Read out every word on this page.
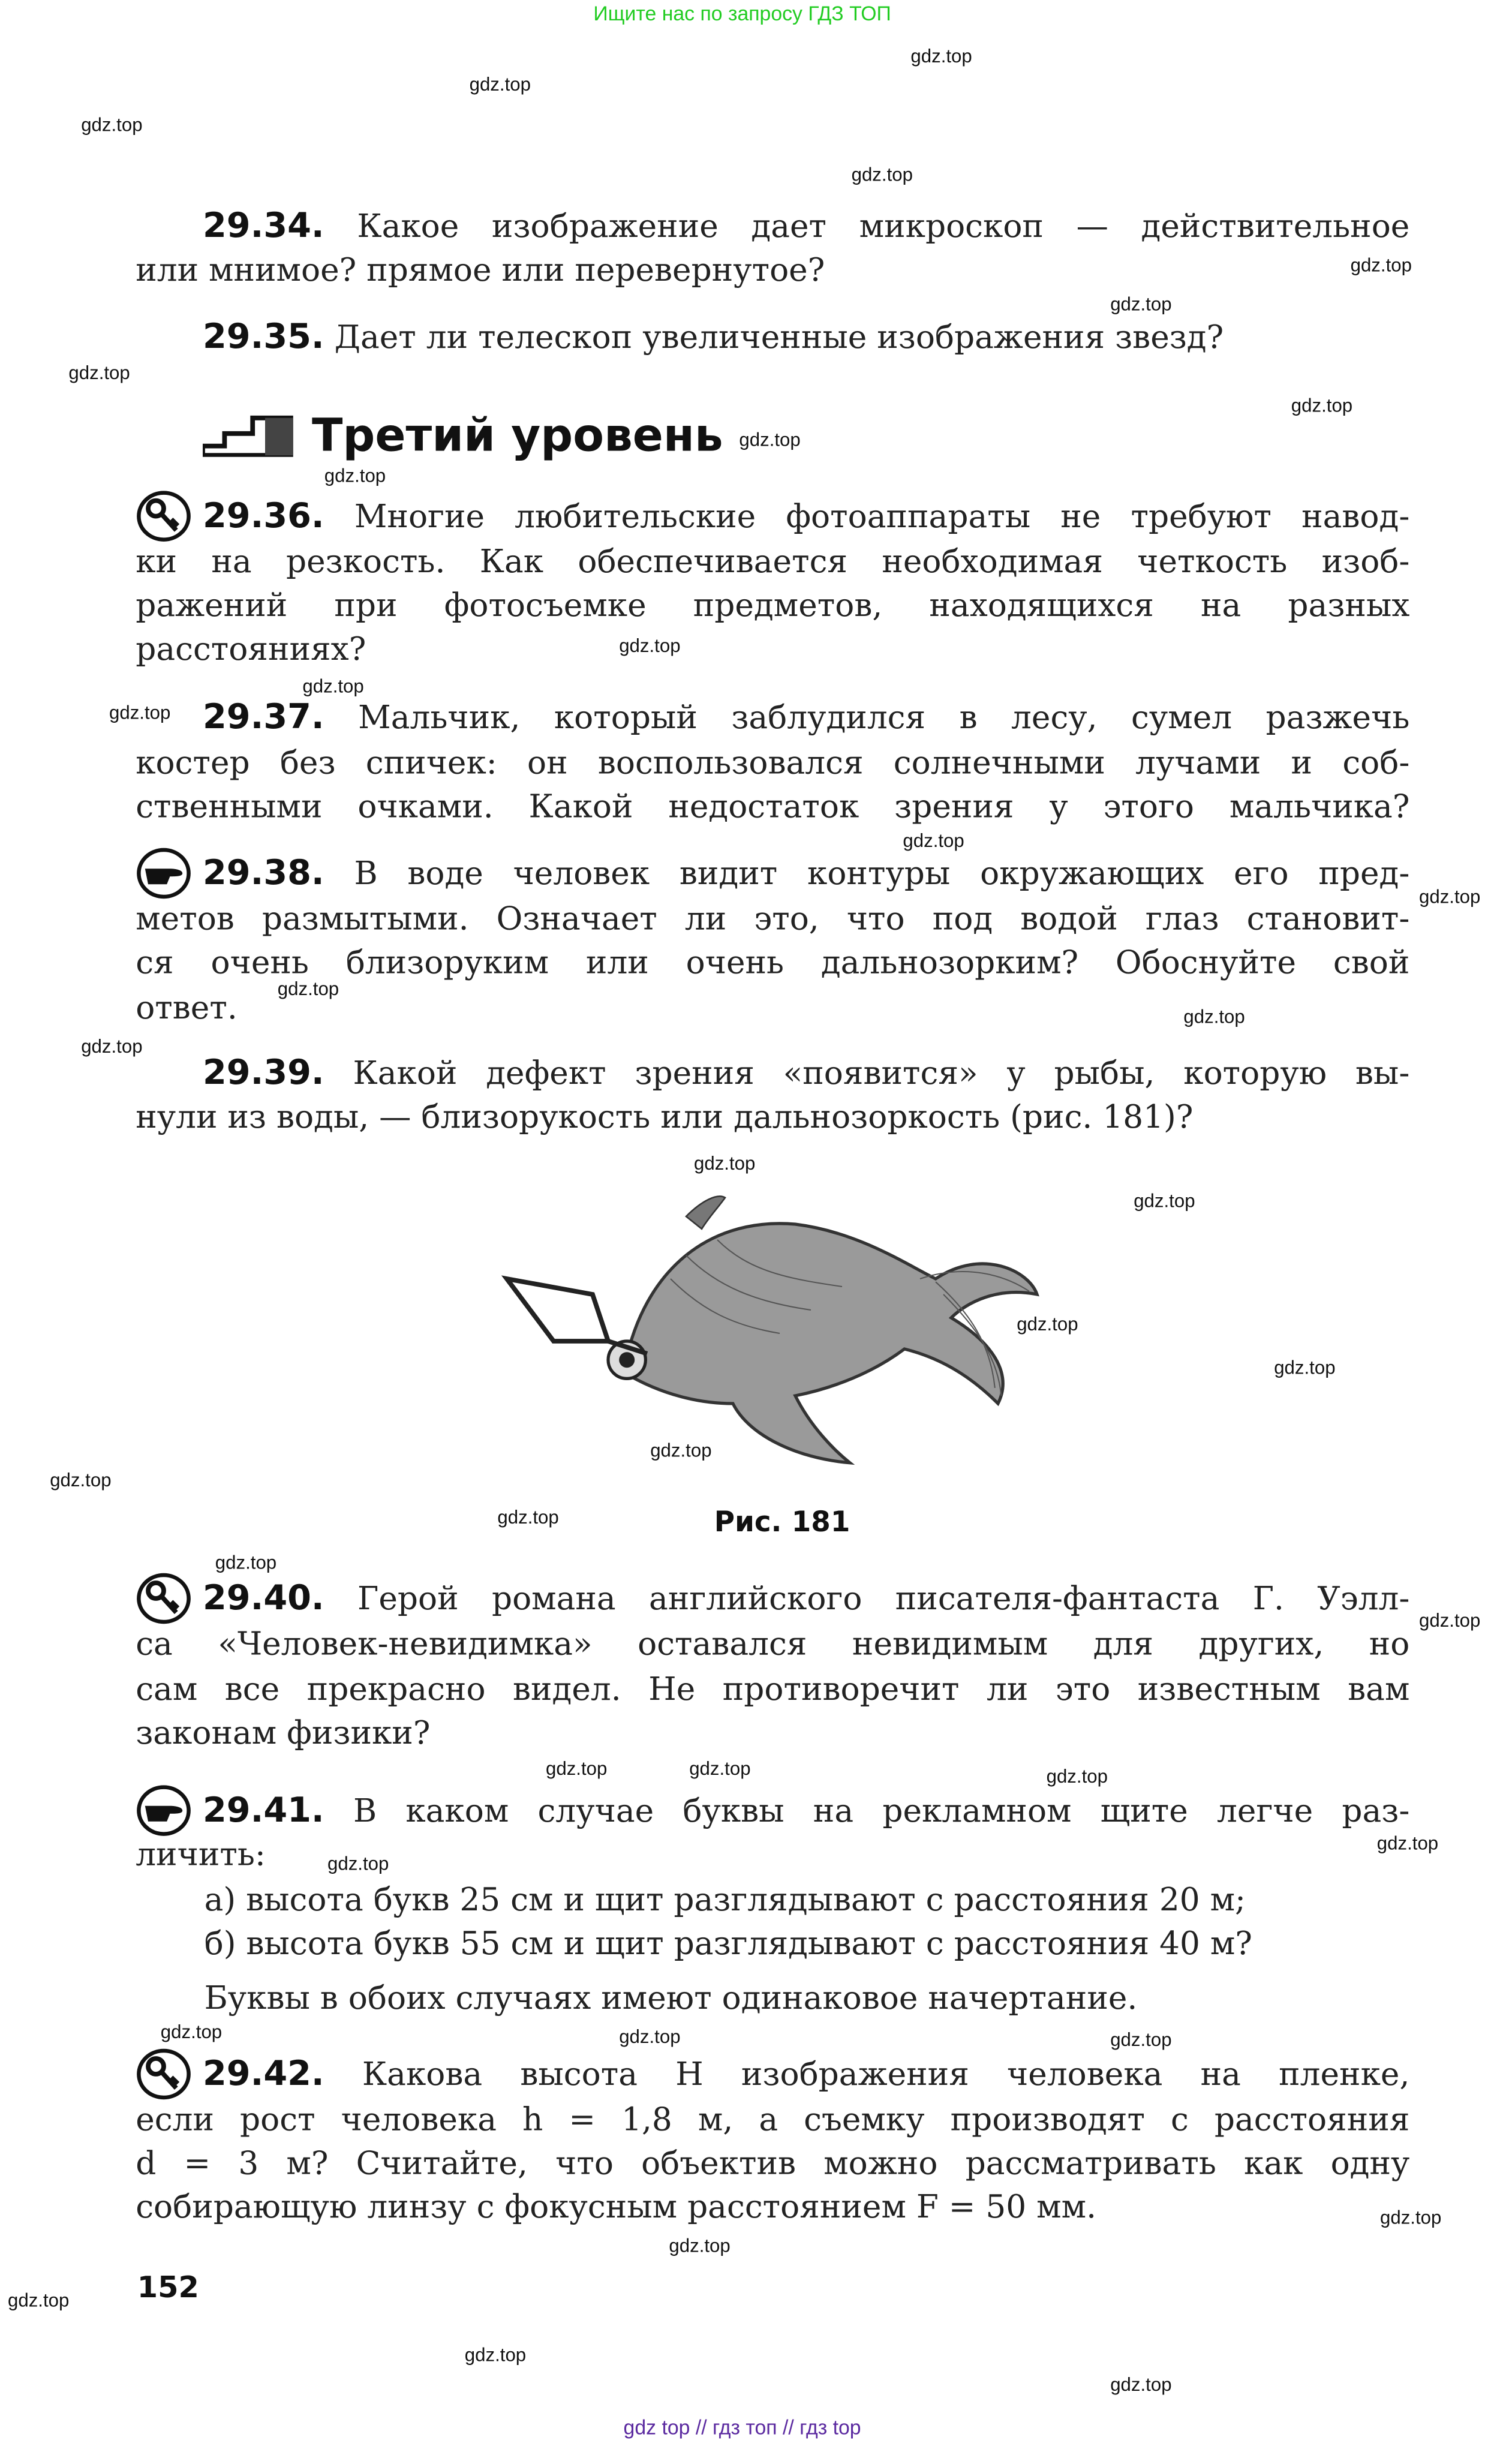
Ищите нас по запросу ГДЗ ТОП
Третий уровень
29.34.	Какое изображение дает микроскоп — действительное
или мнимое? прямое или перевернутое?
29.35. Дает ли телескоп увеличенные изображения звезд?
29.36. Многие любительские фотоаппараты не требуют навод-
ки на резкость. Как обеспечивается необходимая четкость изоб-
ражений при фотосъемке предметов, находящихся на разных
расстояниях?
29.37.	Мальчик, который заблудился в лесу, сумел разжечь
костер без спичек: он воспользовался солнечными лучами и соб-
ственными очками. Какой недостаток зрения у этого мальчика?
29.38. В воде человек видит контуры окружающих его пред-
метов размытыми. Означает ли это, что под водой глаз становит-
ся очень близоруким или очень дальнозорким? Обоснуйте свой
ответ.
29.39. Какой дефект зрения «появится» у рыбы, которую вы-
нули из воды, — близорукость или дальнозоркость (рис. 181)?
29.40.	Герой романа английского писателя-фантаста Г. Уэлл-
са «Человек-невидимка» оставался невидимым для других, но
сам все прекрасно видел. Не противоречит ли это известным вам
законам физики?
29.41. В каком случае буквы на рекламном щите легче раз-
личить:
а) высота букв 25 см и щит разглядывают с расстояния 20 м;
б) высота букв 55 см и щит разглядывают с расстояния 40 м?
Буквы в обоих случаях имеют одинаковое начертание.
29.42.	Какова высота H изображения человека на пленке,
если рост человека h = 1,8 м, а съемку производят с расстояния
d = 3 м? Считайте, что объектив можно рассматривать как одну
собирающую линзу с фокусным расстоянием F = 50 мм.
Рис. 181
152
gdz top // гдз топ // гдз top
gdz.top
gdz.top
gdz.top
gdz.top
gdz.top
gdz.top
gdz.top
gdz.top
gdz.top
gdz.top
gdz.top
gdz.top
gdz.top
gdz.top
gdz.top
gdz.top
gdz.top
gdz.top
gdz.top
gdz.top
gdz.top
gdz.top
gdz.top
gdz.top
gdz.top
gdz.top
gdz.top
gdz.top	gdz.top	gdz.top
gdz.top
gdz.top
gdz.top
gdz.top	gdz.top
gdz.top
gdz.top
gdz.top
gdz.top
gdz.top
